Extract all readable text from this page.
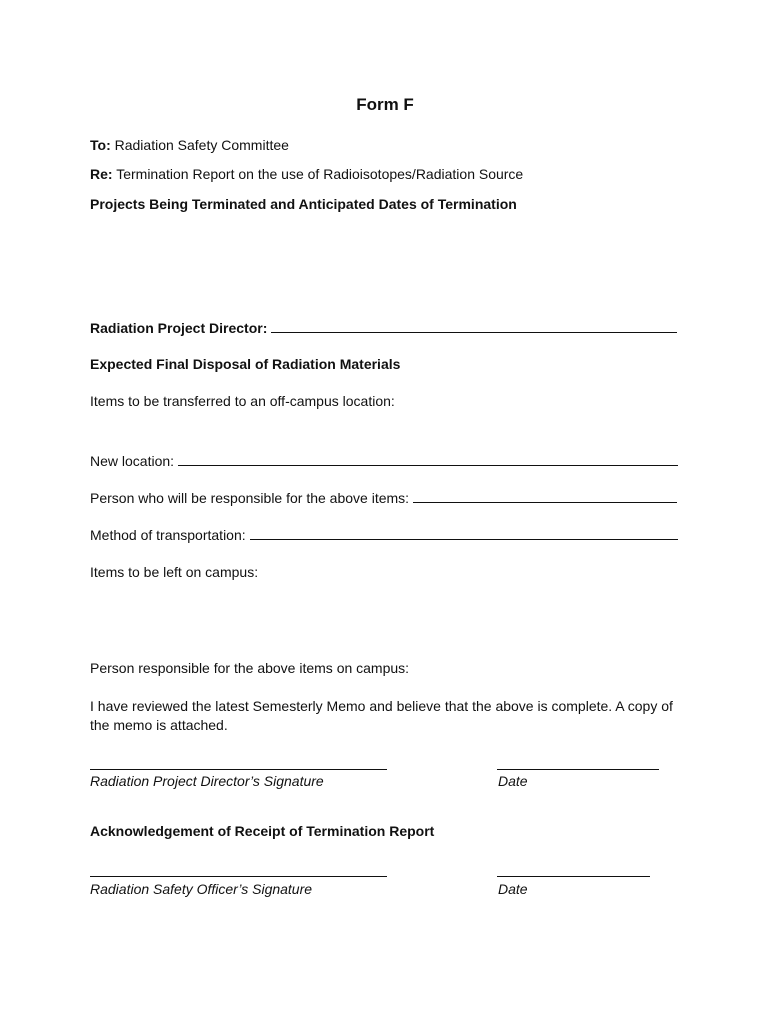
Form F
To: Radiation Safety Committee
Re: Termination Report on the use of Radioisotopes/Radiation Source
Projects Being Terminated and Anticipated Dates of Termination
Radiation Project Director:
Expected Final Disposal of Radiation Materials
Items to be transferred to an off-campus location:
New location:
Person who will be responsible for the above items:
Method of transportation:
Items to be left on campus:
Person responsible for the above items on campus:
I have reviewed the latest Semesterly Memo and believe that the above is complete. A copy of the memo is attached.
Radiation Project Director’s Signature	Date
Acknowledgement of Receipt of Termination Report
Radiation Safety Officer’s Signature	Date
